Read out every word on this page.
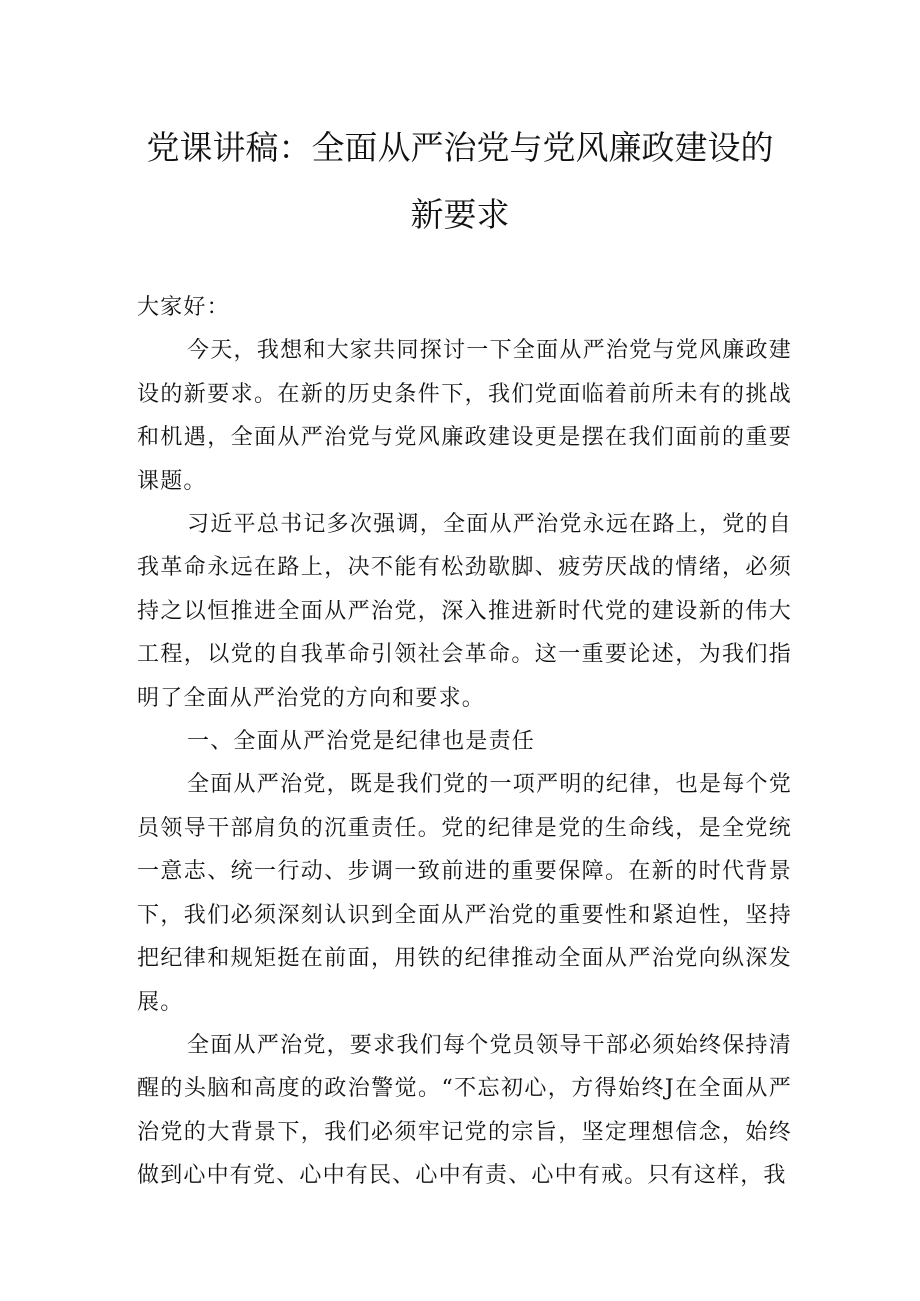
党课讲稿：全面从严治党与党风廉政建设的
新要求

大家好：

今天，我想和大家共同探讨一下全面从严治党与党风廉政建设的新要求。在新的历史条件下，我们党面临着前所未有的挑战和机遇，全面从严治党与党风廉政建设更是摆在我们面前的重要课题。

习近平总书记多次强调，全面从严治党永远在路上，党的自我革命永远在路上，决不能有松劲歇脚、疲劳厌战的情绪，必须持之以恒推进全面从严治党，深入推进新时代党的建设新的伟大工程，以党的自我革命引领社会革命。这一重要论述，为我们指明了全面从严治党的方向和要求。

一、全面从严治党是纪律也是责任

全面从严治党，既是我们党的一项严明的纪律，也是每个党员领导干部肩负的沉重责任。党的纪律是党的生命线，是全党统一意志、统一行动、步调一致前进的重要保障。在新的时代背景下，我们必须深刻认识到全面从严治党的重要性和紧迫性，坚持把纪律和规矩挺在前面，用铁的纪律推动全面从严治党向纵深发展。

全面从严治党，要求我们每个党员领导干部必须始终保持清醒的头脑和高度的政治警觉。“不忘初心，方得始终J在全面从严治党的大背景下，我们必须牢记党的宗旨，坚定理想信念，始终做到心中有党、心中有民、心中有责、心中有戒。只有这样，我
